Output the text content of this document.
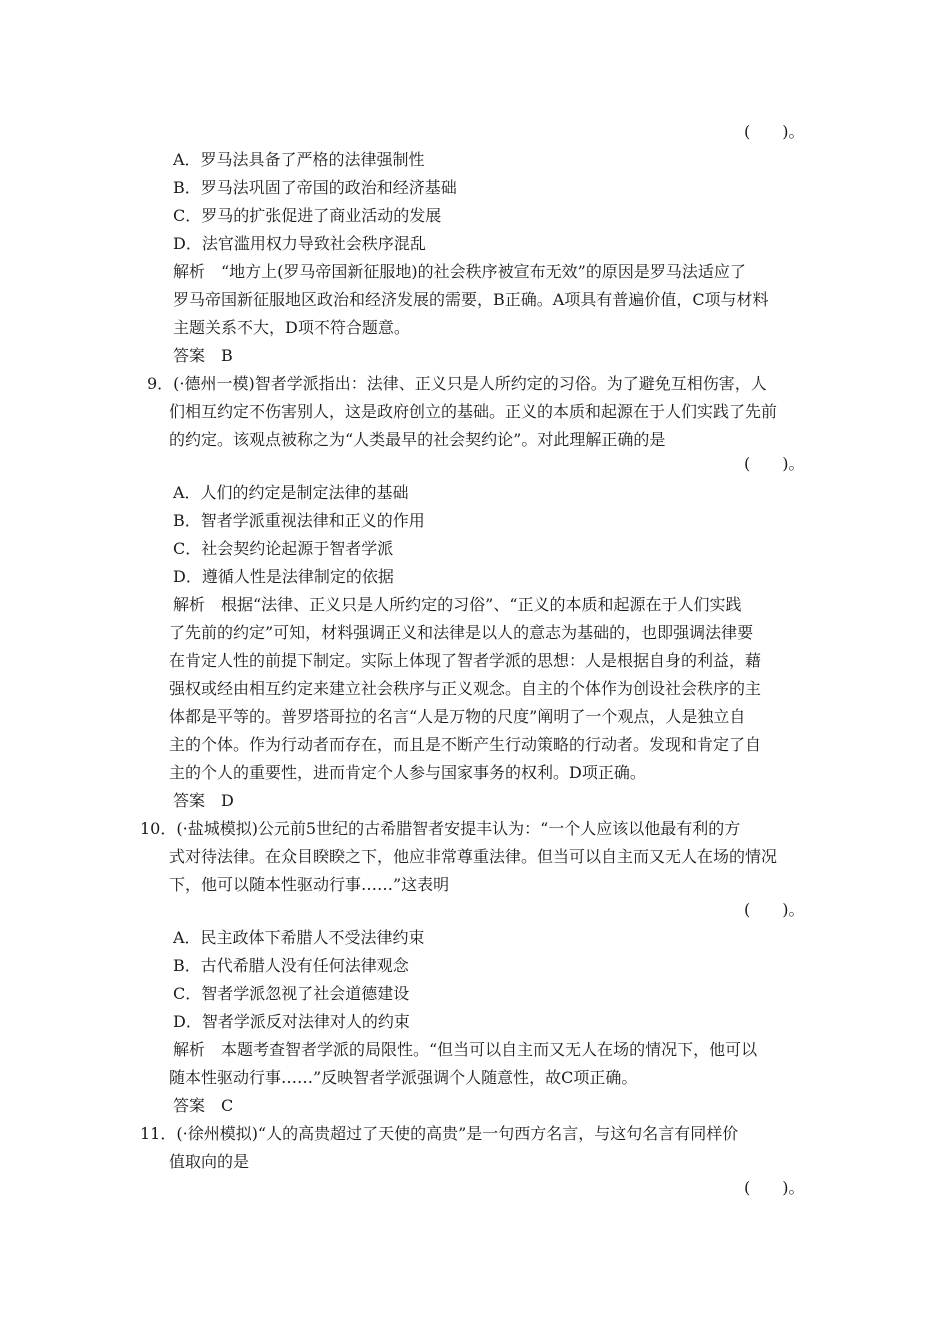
(　　)。
A．罗马法具备了严格的法律强制性
B．罗马法巩固了帝国的政治和经济基础
C．罗马的扩张促进了商业活动的发展
D．法官滥用权力导致社会秩序混乱
解析　“地方上(罗马帝国新征服地)的社会秩序被宣布无效”的原因是罗马法适应了
罗马帝国新征服地区政治和经济发展的需要，B正确。A项具有普遍价值，C项与材料
主题关系不大，D项不符合题意。
答案　B
9．(·德州一模)智者学派指出：法律、正义只是人所约定的习俗。为了避免互相伤害，人
们相互约定不伤害别人，这是政府创立的基础。正义的本质和起源在于人们实践了先前
的约定。该观点被称之为“人类最早的社会契约论”。对此理解正确的是
(　　)。
A．人们的约定是制定法律的基础
B．智者学派重视法律和正义的作用
C．社会契约论起源于智者学派
D．遵循人性是法律制定的依据
解析　根据“法律、正义只是人所约定的习俗”、“正义的本质和起源在于人们实践
了先前的约定”可知，材料强调正义和法律是以人的意志为基础的，也即强调法律要
在肯定人性的前提下制定。实际上体现了智者学派的思想：人是根据自身的利益，藉
强权或经由相互约定来建立社会秩序与正义观念。自主的个体作为创设社会秩序的主
体都是平等的。普罗塔哥拉的名言“人是万物的尺度”阐明了一个观点，人是独立自
主的个体。作为行动者而存在，而且是不断产生行动策略的行动者。发现和肯定了自
主的个人的重要性，进而肯定个人参与国家事务的权利。D项正确。
答案　D
10．(·盐城模拟)公元前5世纪的古希腊智者安提丰认为：“一个人应该以他最有利的方
式对待法律。在众目睽睽之下，他应非常尊重法律。但当可以自主而又无人在场的情况
下，他可以随本性驱动行事……”这表明
(　　)。
A．民主政体下希腊人不受法律约束
B．古代希腊人没有任何法律观念
C．智者学派忽视了社会道德建设
D．智者学派反对法律对人的约束
解析　本题考查智者学派的局限性。“但当可以自主而又无人在场的情况下，他可以
随本性驱动行事……”反映智者学派强调个人随意性，故C项正确。
答案　C
11．(·徐州模拟)“人的高贵超过了天使的高贵”是一句西方名言，与这句名言有同样价
值取向的是
(　　)。
